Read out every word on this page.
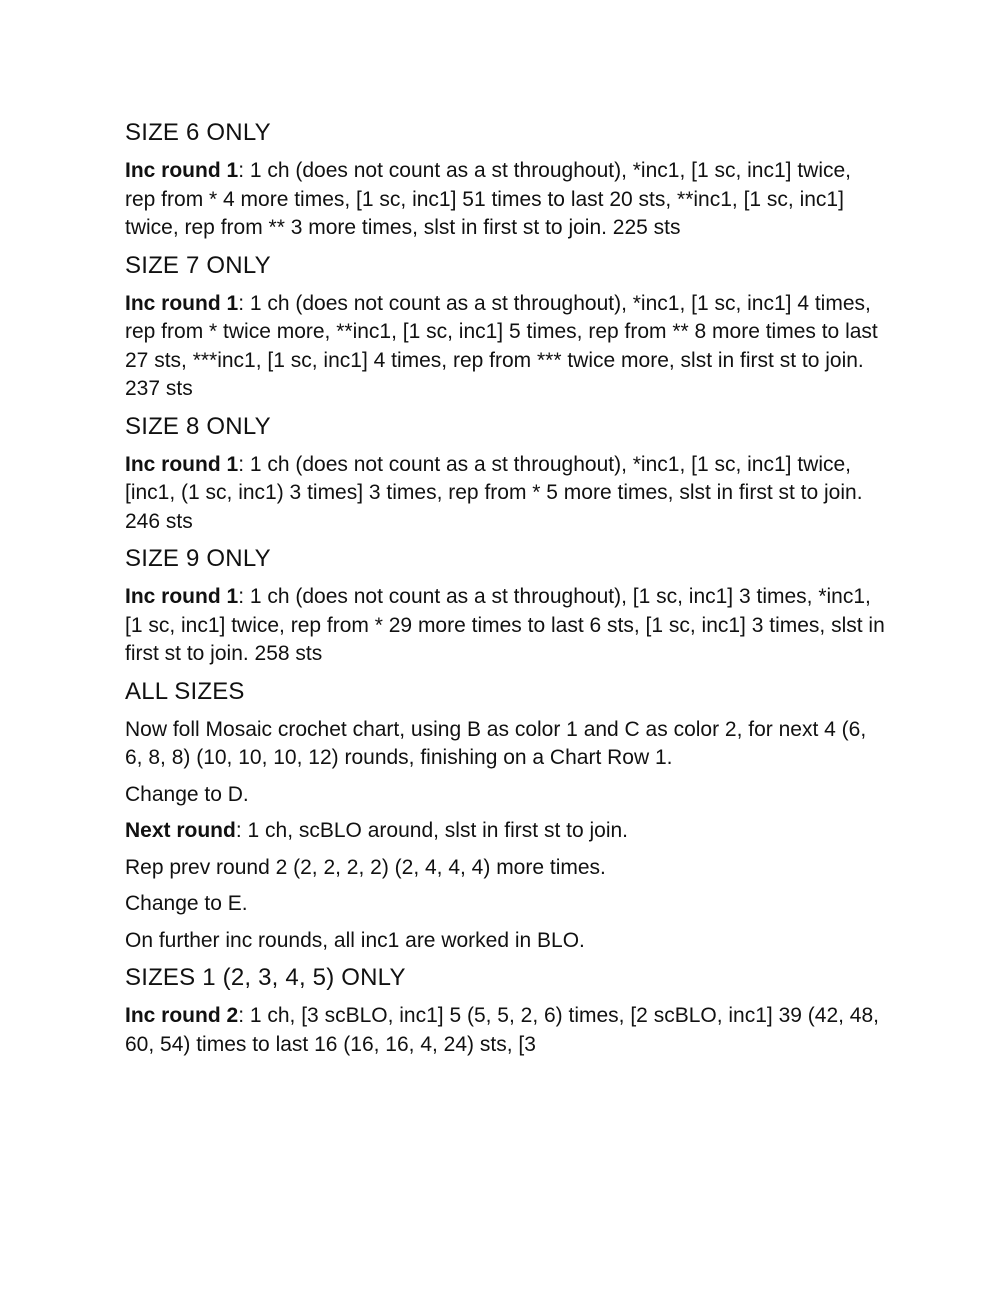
SIZE 6 ONLY

Inc round 1: 1 ch (does not count as a st throughout), *inc1, [1 sc, inc1] twice, rep from * 4 more times, [1 sc, inc1] 51 times to last 20 sts, **inc1, [1 sc, inc1] twice, rep from ** 3 more times, slst in first st to join. 225 sts

SIZE 7 ONLY

Inc round 1: 1 ch (does not count as a st throughout), *inc1, [1 sc, inc1] 4 times, rep from * twice more, **inc1, [1 sc, inc1] 5 times, rep from ** 8 more times to last 27 sts, ***inc1, [1 sc, inc1] 4 times, rep from *** twice more, slst in first st to join. 237 sts

SIZE 8 ONLY

Inc round 1: 1 ch (does not count as a st throughout), *inc1, [1 sc, inc1] twice, [inc1, (1 sc, inc1) 3 times] 3 times, rep from * 5 more times, slst in first st to join. 246 sts

SIZE 9 ONLY

Inc round 1: 1 ch (does not count as a st throughout), [1 sc, inc1] 3 times, *inc1, [1 sc, inc1] twice, rep from * 29 more times to last 6 sts, [1 sc, inc1] 3 times, slst in first st to join. 258 sts

ALL SIZES

Now foll Mosaic crochet chart, using B as color 1 and C as color 2, for next 4 (6, 6, 8, 8) (10, 10, 10, 12) rounds, finishing on a Chart Row 1.

Change to D.

Next round: 1 ch, scBLO around, slst in first st to join.

Rep prev round 2 (2, 2, 2, 2) (2, 4, 4, 4) more times.

Change to E.

On further inc rounds, all inc1 are worked in BLO.

SIZES 1 (2, 3, 4, 5) ONLY

Inc round 2: 1 ch, [3 scBLO, inc1] 5 (5, 5, 2, 6) times, [2 scBLO, inc1] 39 (42, 48, 60, 54) times to last 16 (16, 16, 4, 24) sts, [3
